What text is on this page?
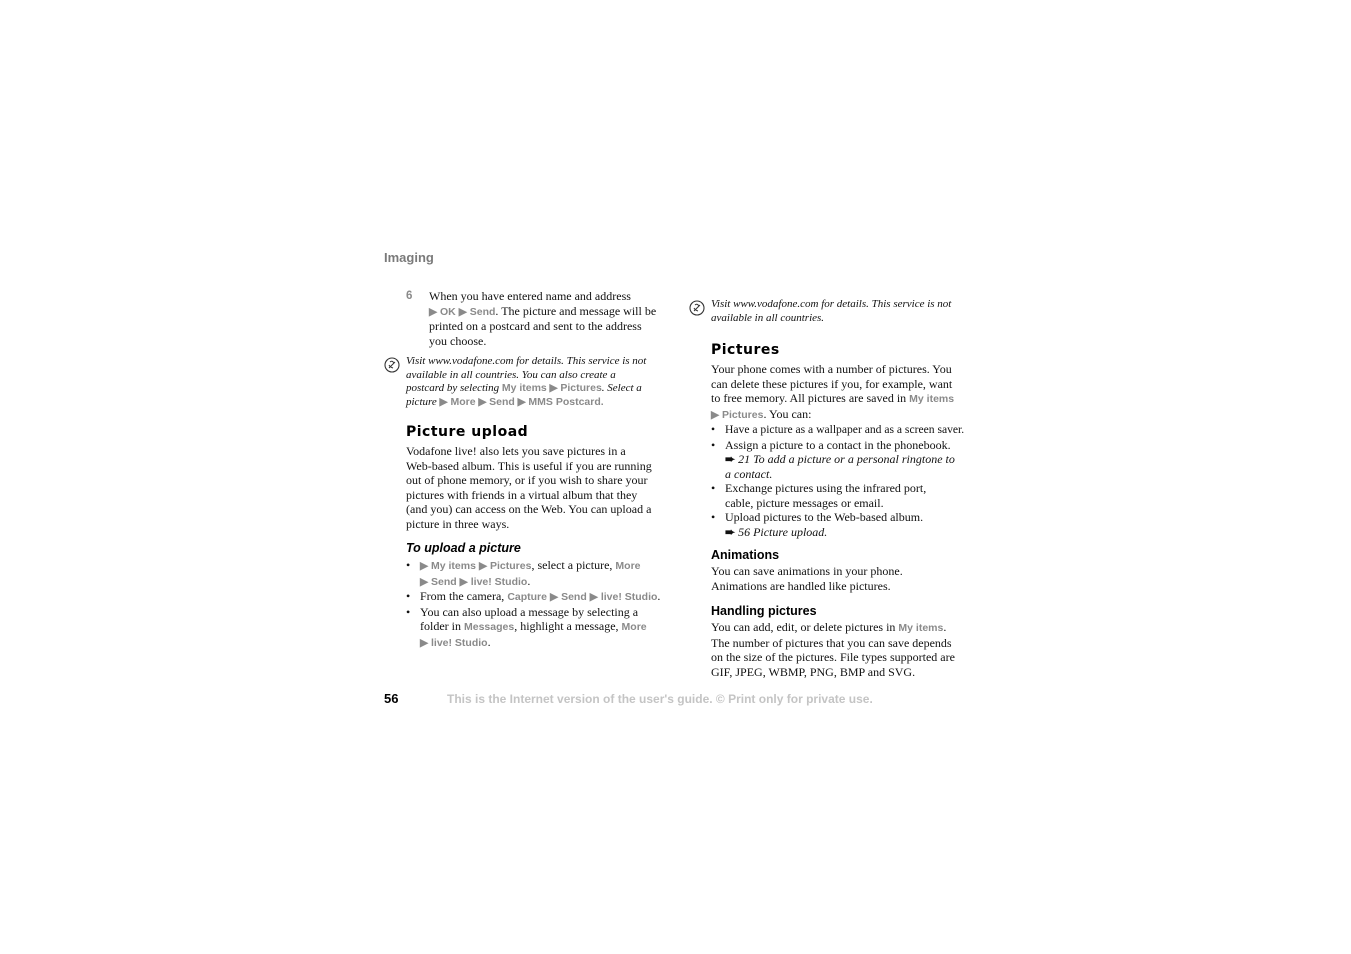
Imaging
6 When you have entered name and address
▶ OK ▶ Send. The picture and message will be
printed on a postcard and sent to the address
you choose.
Visit www.vodafone.com for details. This service is not
available in all countries. You can also create a
postcard by selecting My items ▶ Pictures. Select a
picture ▶ More ▶ Send ▶ MMS Postcard.
Picture upload
Vodafone live! also lets you save pictures in a
Web-based album. This is useful if you are running
out of phone memory, or if you wish to share your
pictures with friends in a virtual album that they
(and you) can access on the Web. You can upload a
picture in three ways.
To upload a picture
• ▶ My items ▶ Pictures, select a picture, More
▶ Send ▶ live! Studio.
• From the camera, Capture ▶ Send ▶ live! Studio.
• You can also upload a message by selecting a
folder in Messages, highlight a message, More
▶ live! Studio.
Visit www.vodafone.com for details. This service is not
available in all countries.
Pictures
Your phone comes with a number of pictures. You
can delete these pictures if you, for example, want
to free memory. All pictures are saved in My items
▶ Pictures. You can:
• Have a picture as a wallpaper and as a screen saver.
• Assign a picture to a contact in the phonebook.
➨ 21 To add a picture or a personal ringtone to
a contact.
• Exchange pictures using the infrared port,
cable, picture messages or email.
• Upload pictures to the Web-based album.
➨ 56 Picture upload.
Animations
You can save animations in your phone.
Animations are handled like pictures.
Handling pictures
You can add, edit, or delete pictures in My items.
The number of pictures that you can save depends
on the size of the pictures. File types supported are
GIF, JPEG, WBMP, PNG, BMP and SVG.
56	This is the Internet version of the user's guide. © Print only for private use.
